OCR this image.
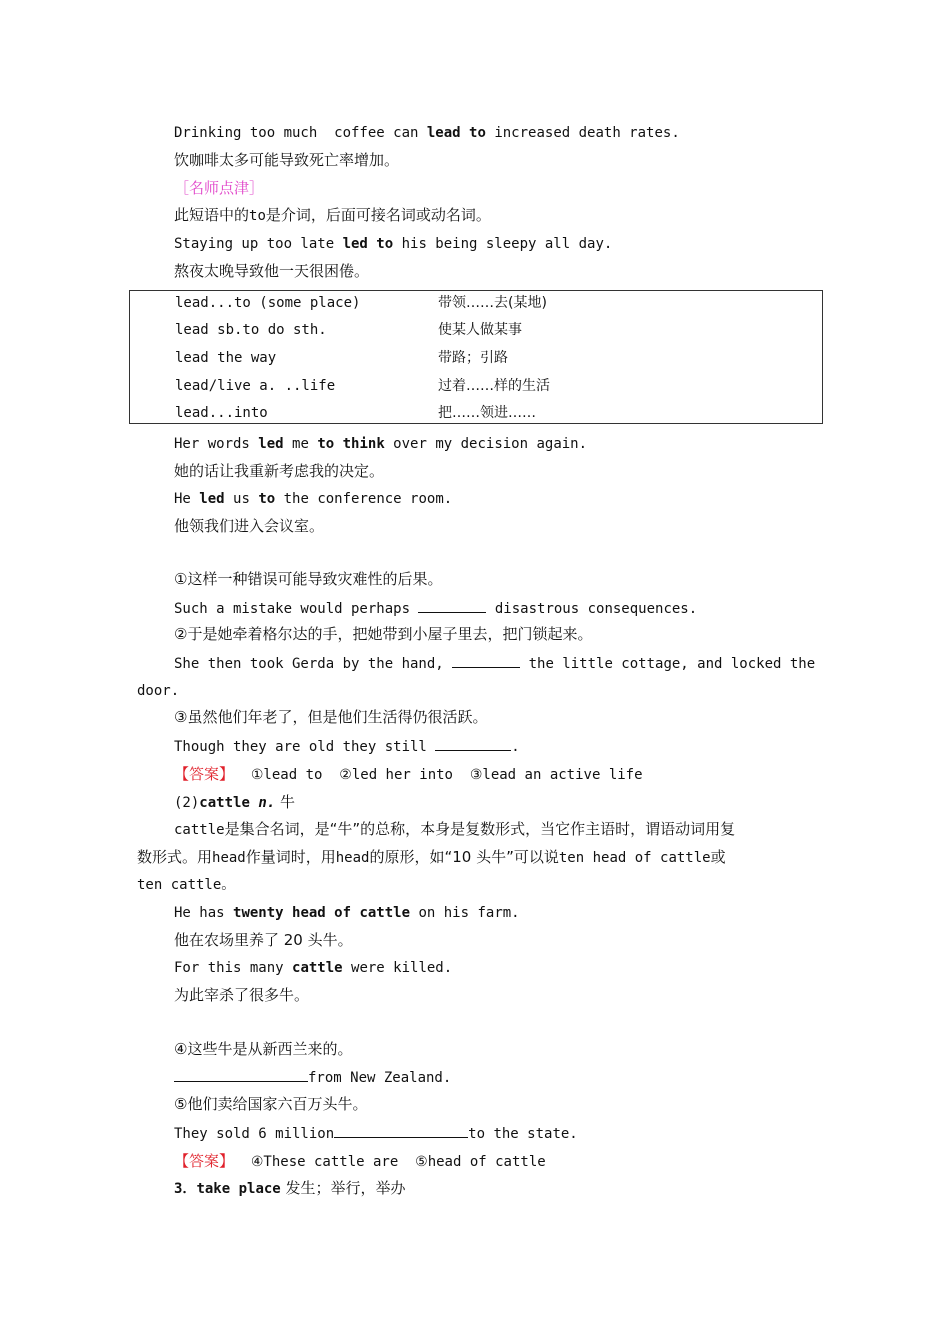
Drinking too much  coffee can lead to increased death rates.
饮咖啡太多可能导致死亡率增加。
［名师点津］
此短语中的to是介词，后面可接名词或动名词。
Staying up too late led to his being sleepy all day.
熬夜太晚导致他一天很困倦。
lead...to (some place)	带领……去(某地)
lead sb.to do sth.	使某人做某事
lead the way	带路；引路
lead/live a. ..life	过着……样的生活
lead...into	把……领进……
Her words led me to think over my decision again.
她的话让我重新考虑我的决定。
He led us to the conference room.
他领我们进入会议室。
①这样一种错误可能导致灾难性的后果。
Such a mistake would perhaps	disastrous consequences.
②于是她牵着格尔达的手，把她带到小屋子里去，把门锁起来。
She then took Gerda by the hand,	the little cottage, and locked the
door.
③虽然他们年老了，但是他们生活得仍很活跃。
Though they are old they still	.
【答案】  ①lead to  ②led her into  ③lead an active life
(2)cattle n. 牛
cattle是集合名词，是“牛”的总称，本身是复数形式，当它作主语时，谓语动词用复
数形式。用head作量词时，用head的原形，如“10 头牛”可以说ten head of cattle或
ten cattle。
He has twenty head of cattle on his farm.
他在农场里养了 20 头牛。
For this many cattle were killed.
为此宰杀了很多牛。
④这些牛是从新西兰来的。
from New Zealand.
⑤他们卖给国家六百万头牛。
They sold 6 million	to the state.
【答案】  ④These cattle are  ⑤head of cattle
3．take place 发生；举行，举办
